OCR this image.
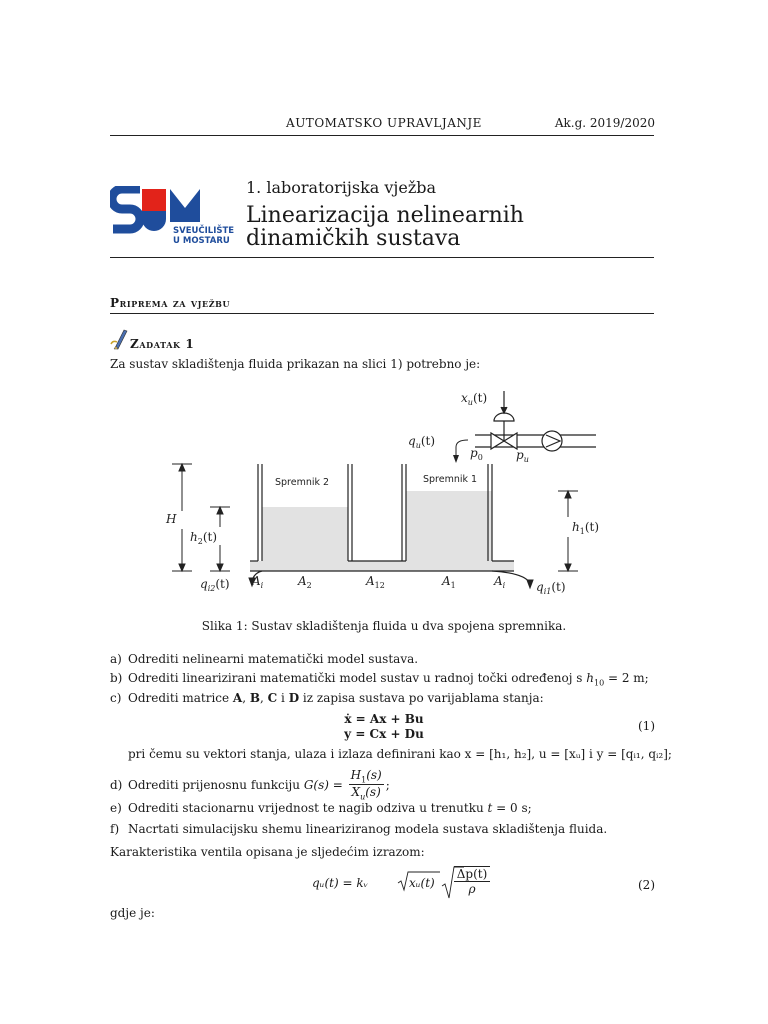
AUTOMATSKO UPRAVLJANJE	Ak.g. 2019/2020
SVEUČILIŠTE
U MOSTARU
1. laboratorijska vježba
Linearizacija nelinearnih
dinamičkih sustava
Priprema za vježbu
Zadatak 1
Za sustav skladištenja fluida prikazan na slici 1) potrebno je:
$x_u(t)$
$q_u(t)$
$p_0$	$p_u$
H
$h_2(t)$
$h_1(t)$
$q_{i2}(t)$	$q_{i1}(t)$
$A_i$	$A_2$	$A_{12}$	$A_1$	$A_i$
Spremnik 2	Spremnik 1
Slika 1: Sustav skladištenja fluida u dva spojena spremnika.
a) Odrediti nelinearni matematički model sustava.
b) Odrediti linearizirani matematički model sustav u radnoj točki određenoj s $h_{10} = 2$ m;
c) Odrediti matrice A, B, C i D iz zapisa sustava po varijablama stanja:
ẋ = Ax + Bu
y = Cx + Du
(1)
pri čemu su vektori stanja, ulaza i izlaza definirani kao x = [h₁, h₂], u = [xᵤ] i y = [qᵢ₁, qᵢ₂];
d) Odrediti prijenosnu funkciju $G(s) = \frac{H_1(s)}{X_u(s)}$ ;
e) Odrediti stacionarnu vrijednost te nagib odziva u trenutku t = 0 s;
f) Nacrtati simulacijsku shemu lineariziranog modela sustava skladištenja fluida.
Karakteristika ventila opisana je sljedećim izrazom:
qᵤ(t) = kᵥ	xᵤ(t)
Δp(t)
ρ	(2)
gdje je:
